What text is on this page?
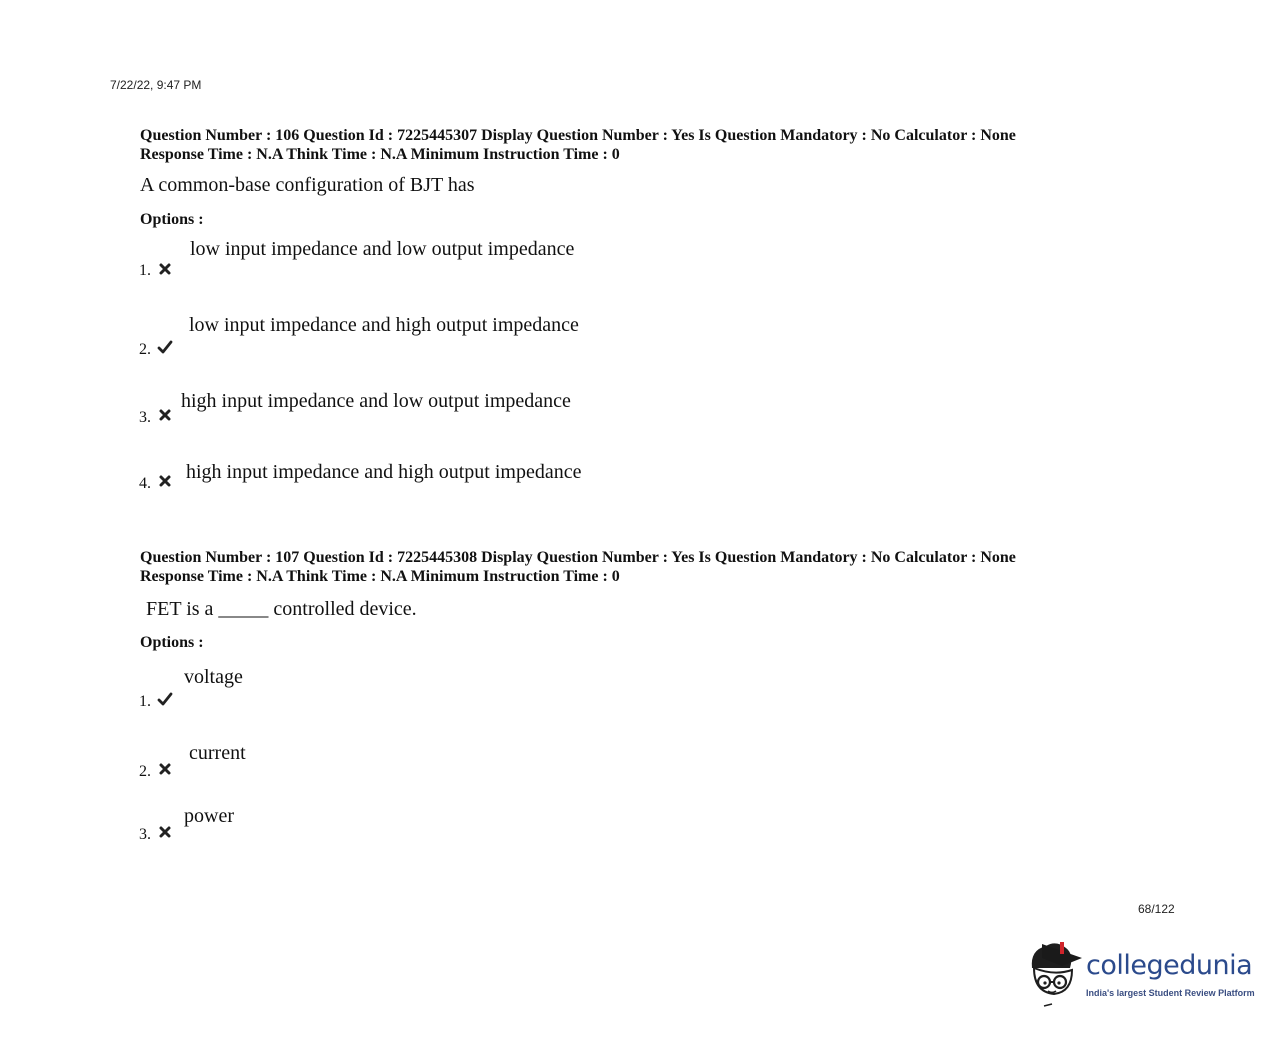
7/22/22, 9:47 PM
Question Number : 106 Question Id : 7225445307 Display Question Number : Yes Is Question Mandatory : No Calculator : None
Response Time : N.A Think Time : N.A Minimum Instruction Time : 0
A common-base configuration of BJT has
Options :
1.
low input impedance and low output impedance
2.
low input impedance and high output impedance
3.
high input impedance and low output impedance
4.
high input impedance and high output impedance
Question Number : 107 Question Id : 7225445308 Display Question Number : Yes Is Question Mandatory : No Calculator : None
Response Time : N.A Think Time : N.A Minimum Instruction Time : 0
FET is a _____ controlled device.
Options :
1.
voltage
2.
current
3.
power
68/122
collegedunia
India's largest Student Review Platform
